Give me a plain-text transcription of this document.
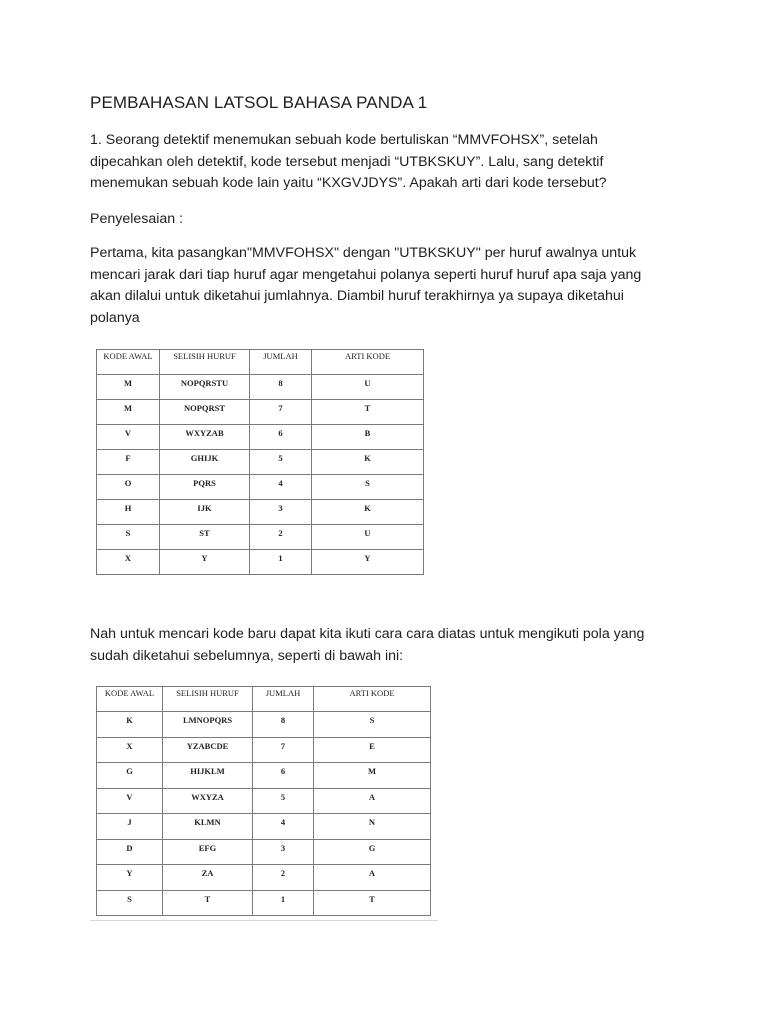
PEMBAHASAN LATSOL BAHASA PANDA 1
1. Seorang detektif menemukan sebuah kode bertuliskan “MMVFOHSX”, setelah dipecahkan oleh detektif, kode tersebut menjadi “UTBKSKUY”. Lalu, sang detektif menemukan sebuah kode lain yaitu “KXGVJDYS”. Apakah arti dari kode tersebut?
Penyelesaian :
Pertama, kita pasangkan"MMVFOHSX" dengan "UTBKSKUY" per huruf awalnya untuk mencari jarak dari tiap huruf agar mengetahui polanya seperti huruf huruf apa saja yang akan dilalui untuk diketahui jumlahnya. Diambil huruf terakhirnya ya supaya diketahui polanya
KODE AWAL	SELISIH HURUF	JUMLAH	ARTI KODE
M	NOPQRSTU	8	U
M	NOPQRST	7	T
V	WXYZAB	6	B
F	GHIJK	5	K
O	PQRS	4	S
H	IJK	3	K
S	ST	2	U
X	Y	1	Y
Nah untuk mencari kode baru dapat kita ikuti cara cara diatas untuk mengikuti pola yang sudah diketahui sebelumnya, seperti di bawah ini:
KODE AWAL	SELISIH HURUF	JUMLAH	ARTI KODE
K	LMNOPQRS	8	S
X	YZABCDE	7	E
G	HIJKLM	6	M
V	WXYZA	5	A
J	KLMN	4	N
D	EFG	3	G
Y	ZA	2	A
S	T	1	T
